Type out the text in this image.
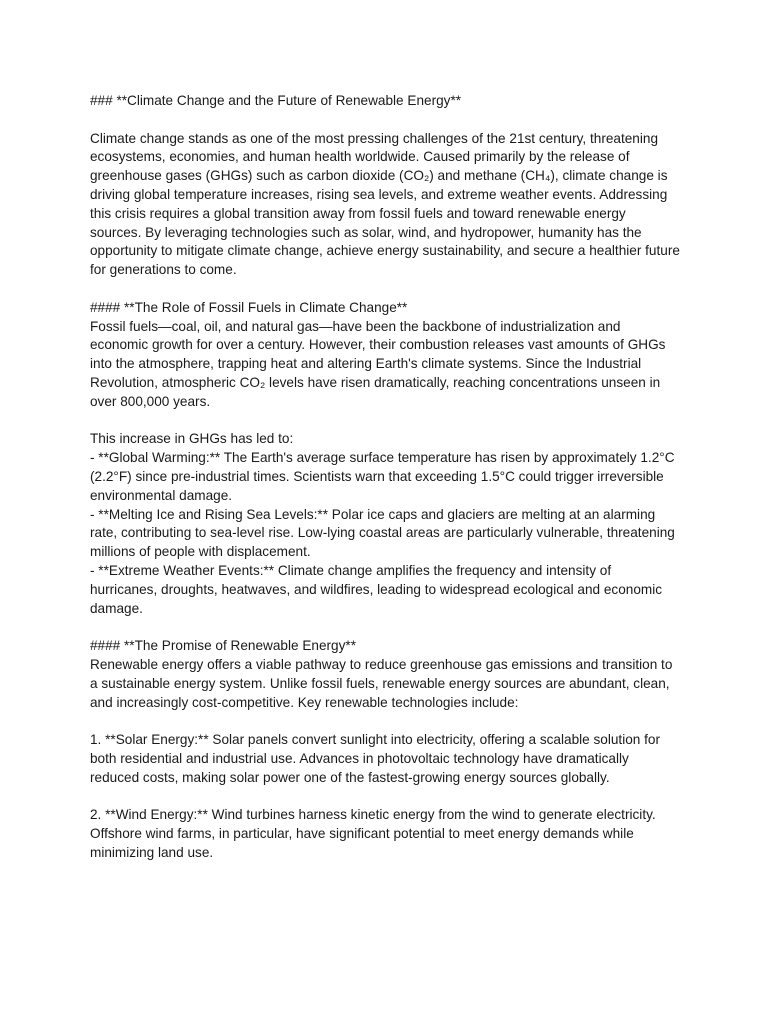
### **Climate Change and the Future of Renewable Energy**

Climate change stands as one of the most pressing challenges of the 21st century, threatening ecosystems, economies, and human health worldwide. Caused primarily by the release of greenhouse gases (GHGs) such as carbon dioxide (CO₂) and methane (CH₄), climate change is driving global temperature increases, rising sea levels, and extreme weather events. Addressing this crisis requires a global transition away from fossil fuels and toward renewable energy sources. By leveraging technologies such as solar, wind, and hydropower, humanity has the opportunity to mitigate climate change, achieve energy sustainability, and secure a healthier future for generations to come.

#### **The Role of Fossil Fuels in Climate Change**

Fossil fuels—coal, oil, and natural gas—have been the backbone of industrialization and economic growth for over a century. However, their combustion releases vast amounts of GHGs into the atmosphere, trapping heat and altering Earth's climate systems. Since the Industrial Revolution, atmospheric CO₂ levels have risen dramatically, reaching concentrations unseen in over 800,000 years.

This increase in GHGs has led to:

- **Global Warming:** The Earth's average surface temperature has risen by approximately 1.2°C (2.2°F) since pre-industrial times. Scientists warn that exceeding 1.5°C could trigger irreversible environmental damage.

- **Melting Ice and Rising Sea Levels:** Polar ice caps and glaciers are melting at an alarming rate, contributing to sea-level rise. Low-lying coastal areas are particularly vulnerable, threatening millions of people with displacement.

- **Extreme Weather Events:** Climate change amplifies the frequency and intensity of hurricanes, droughts, heatwaves, and wildfires, leading to widespread ecological and economic damage.

#### **The Promise of Renewable Energy**

Renewable energy offers a viable pathway to reduce greenhouse gas emissions and transition to a sustainable energy system. Unlike fossil fuels, renewable energy sources are abundant, clean, and increasingly cost-competitive. Key renewable technologies include:

1. **Solar Energy:** Solar panels convert sunlight into electricity, offering a scalable solution for both residential and industrial use. Advances in photovoltaic technology have dramatically reduced costs, making solar power one of the fastest-growing energy sources globally.

2. **Wind Energy:** Wind turbines harness kinetic energy from the wind to generate electricity. Offshore wind farms, in particular, have significant potential to meet energy demands while minimizing land use.
